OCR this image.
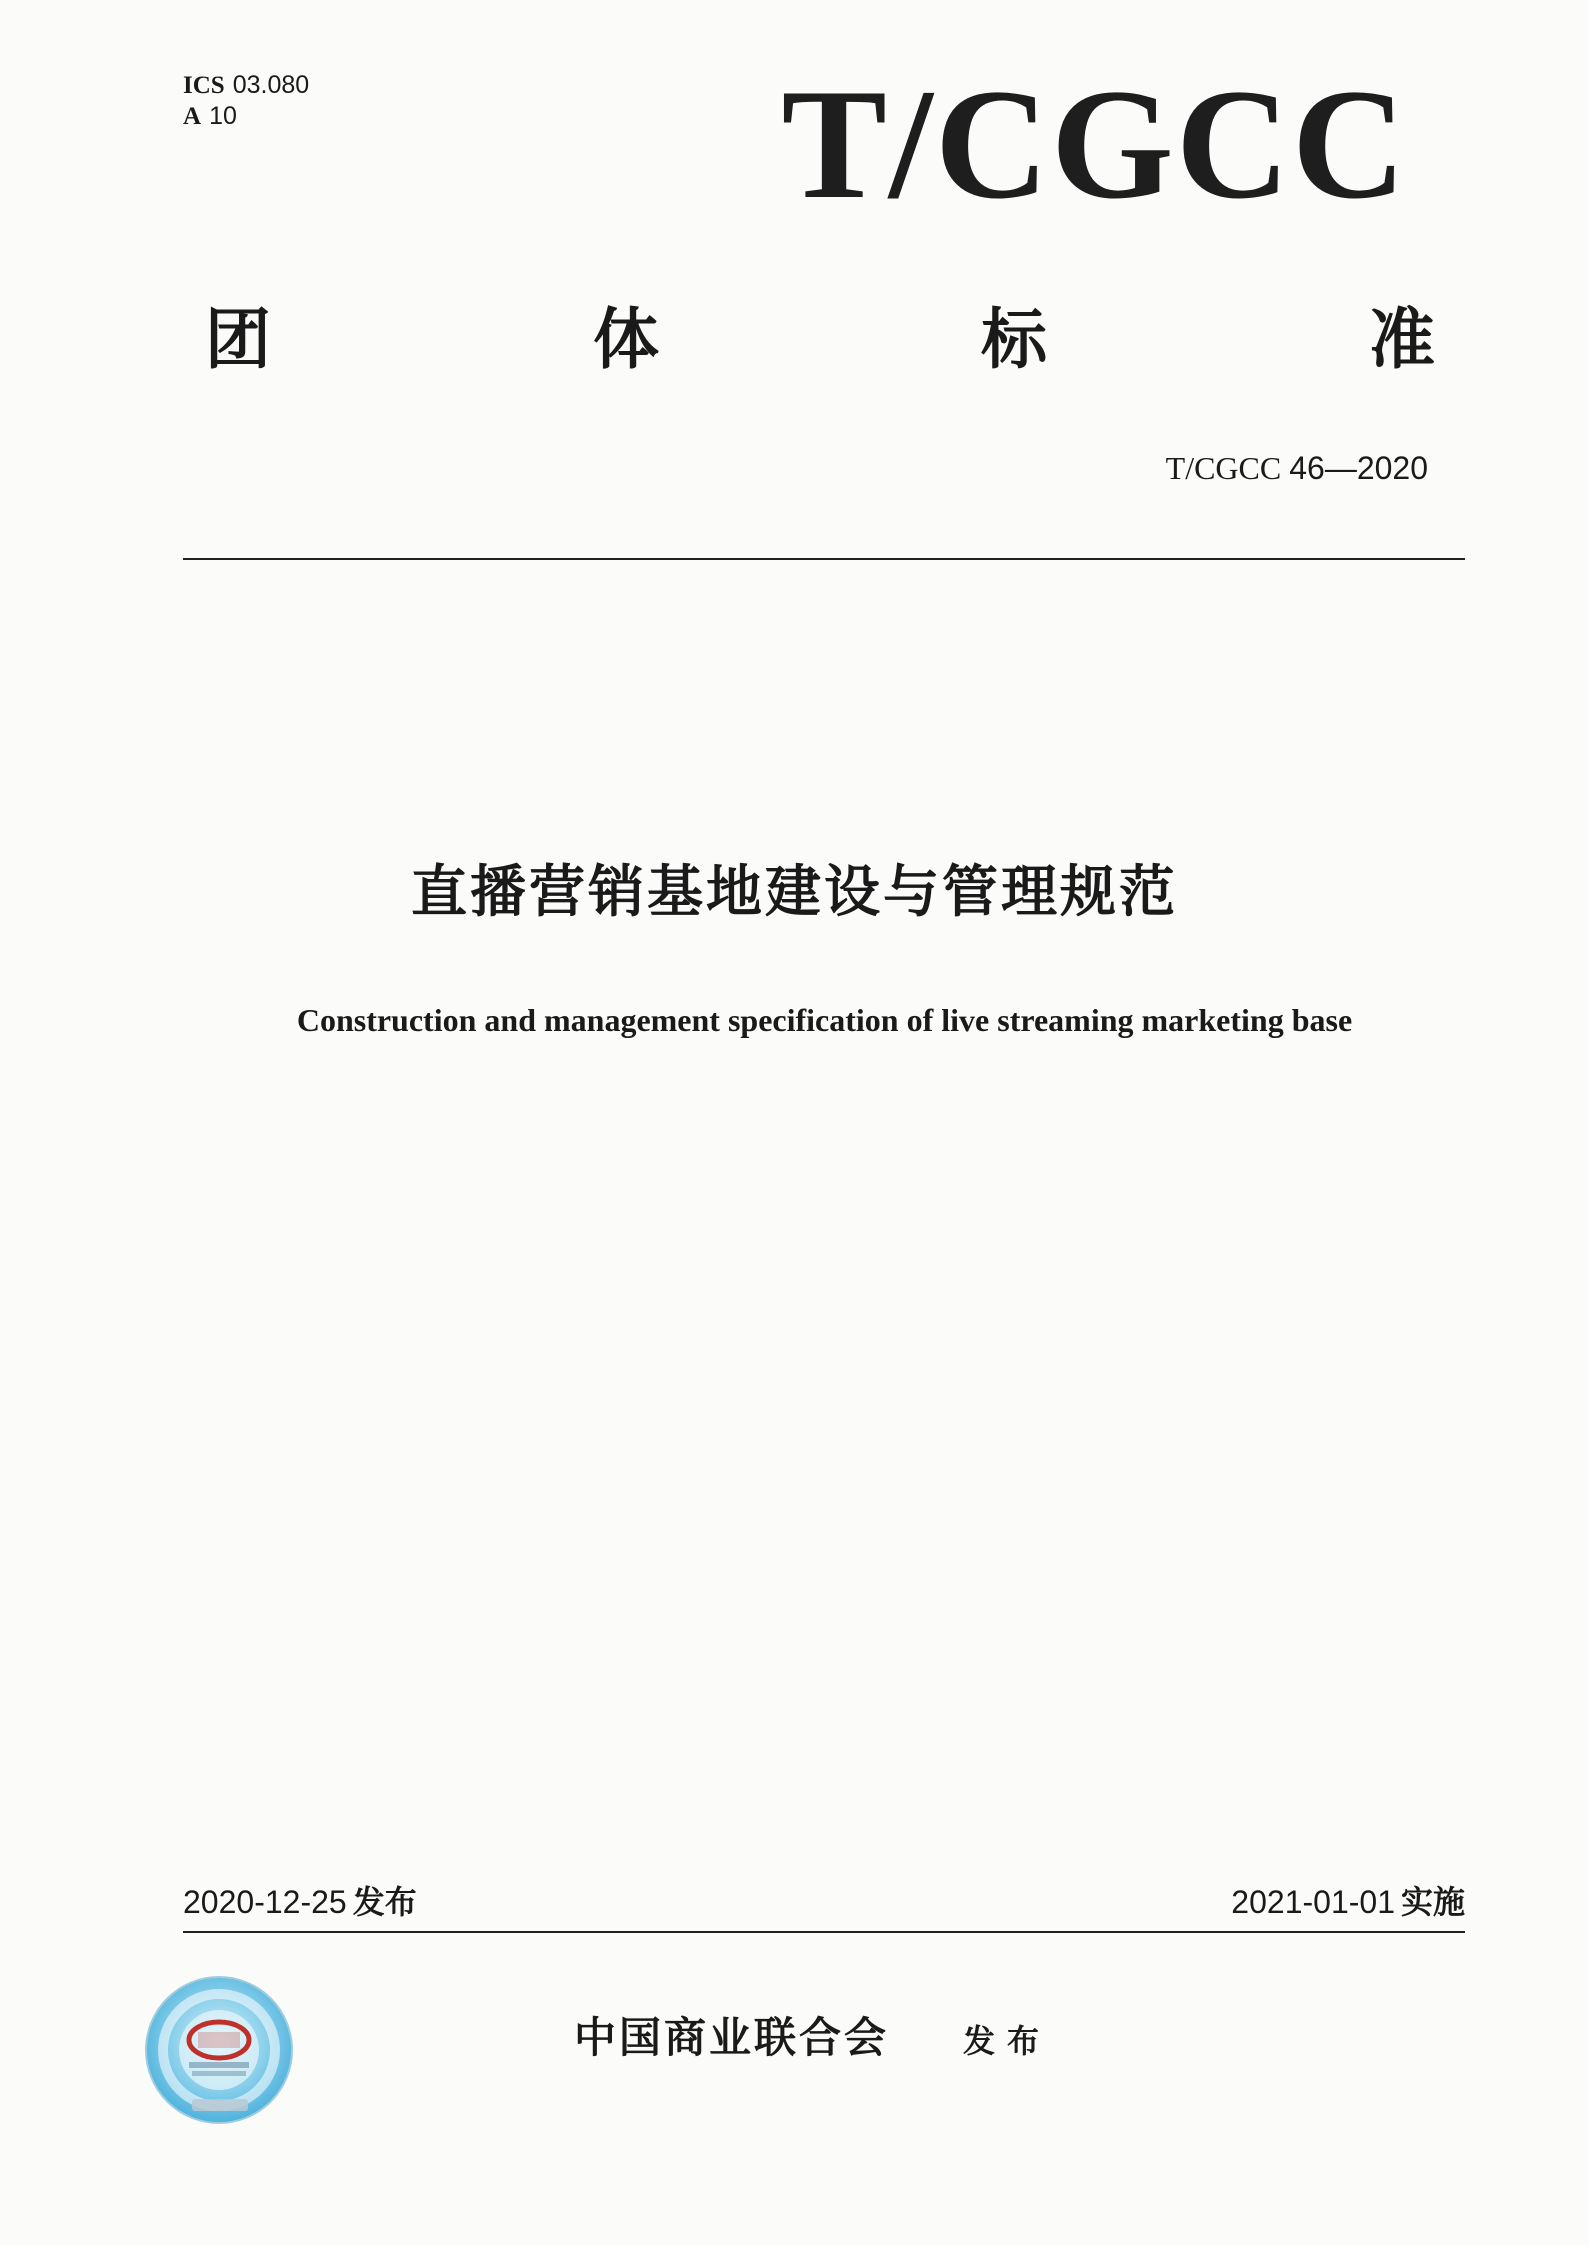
ICS 03.080
A 10	T/CGCC
团	体	标	准
T/CGCC 46—2020
直播营销基地建设与管理规范
Construction and management specification of live streaming marketing base
2020-12-25 发布	2021-01-01 实施
中国商业联合会 发布
